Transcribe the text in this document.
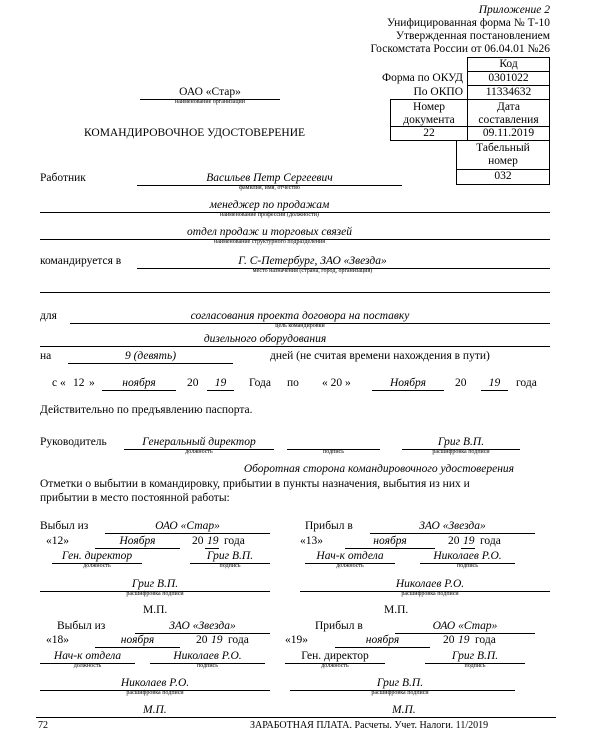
Приложение 2
Унифицированная форма № Т-10
Утвержденная постановлением
Госкомстата России от 06.04.01 №26
Код
Форма по ОКУД	0301022
По ОКПО	11334632
Номер документа
Дата составления
22	09.11.2019
Табельный номер
032
ОАО «Стар»
наименование организации
КОМАНДИРОВОЧНОЕ УДОСТОВЕРЕНИЕ
Работник	Васильев Петр Сергеевич
фамилия, имя, отчество
менеджер по продажам
наименование профессии (должности)
отдел продаж и торговых связей
наименование структурного подразделения
командируется в	Г. С-Петербург, ЗАО «Звезда»
место назначения (страна, город, организация)
для	согласования проекта договора на поставку
цель командировки
дизельного оборудования
на	9 (девять)	дней (не считая времени нахождения в пути)
с « 12 »	ноября	20	19	Года по « 20 »	Ноября	20	19	года
Действительно по предъявлению паспорта.
Руководитель	Генеральный директор
должность	подпись
Григ В.П.
расшифровка подписи
Оборотная сторона командировочного удостоверения
Отметки о выбытии в командировку, прибытии в пункты назначения, выбытия из них и
прибытии в место постоянной работы:
Выбыл из	ОАО «Стар»
«12»	Ноября	20 19 года
Ген. директор
должность
Григ В.П.
подпись
Григ В.П.
расшифровка подписи
М.П.
Прибыл в	ЗАО «Звезда»
«13»	ноября	20 19 года
Нач-к отдела
должность
Николаев Р.О.
подпись
Николаев Р.О.
расшифровка подписи
М.П.
Выбыл из	ЗАО «Звезда»
«18»	ноября	20 19 года
Нач-к отдела
должность
Николаев Р.О.
подпись
Николаев Р.О.
расшифровка подписи
М.П.
Прибыл в	ОАО «Стар»
«19»	ноября	20 19 года
Ген. директор
должность
Григ В.П.
подпись
Григ В.П.
расшифровка подписи
М.П.
72	ЗАРАБОТНАЯ ПЛАТА. Расчеты. Учет. Налоги. 11/2019
